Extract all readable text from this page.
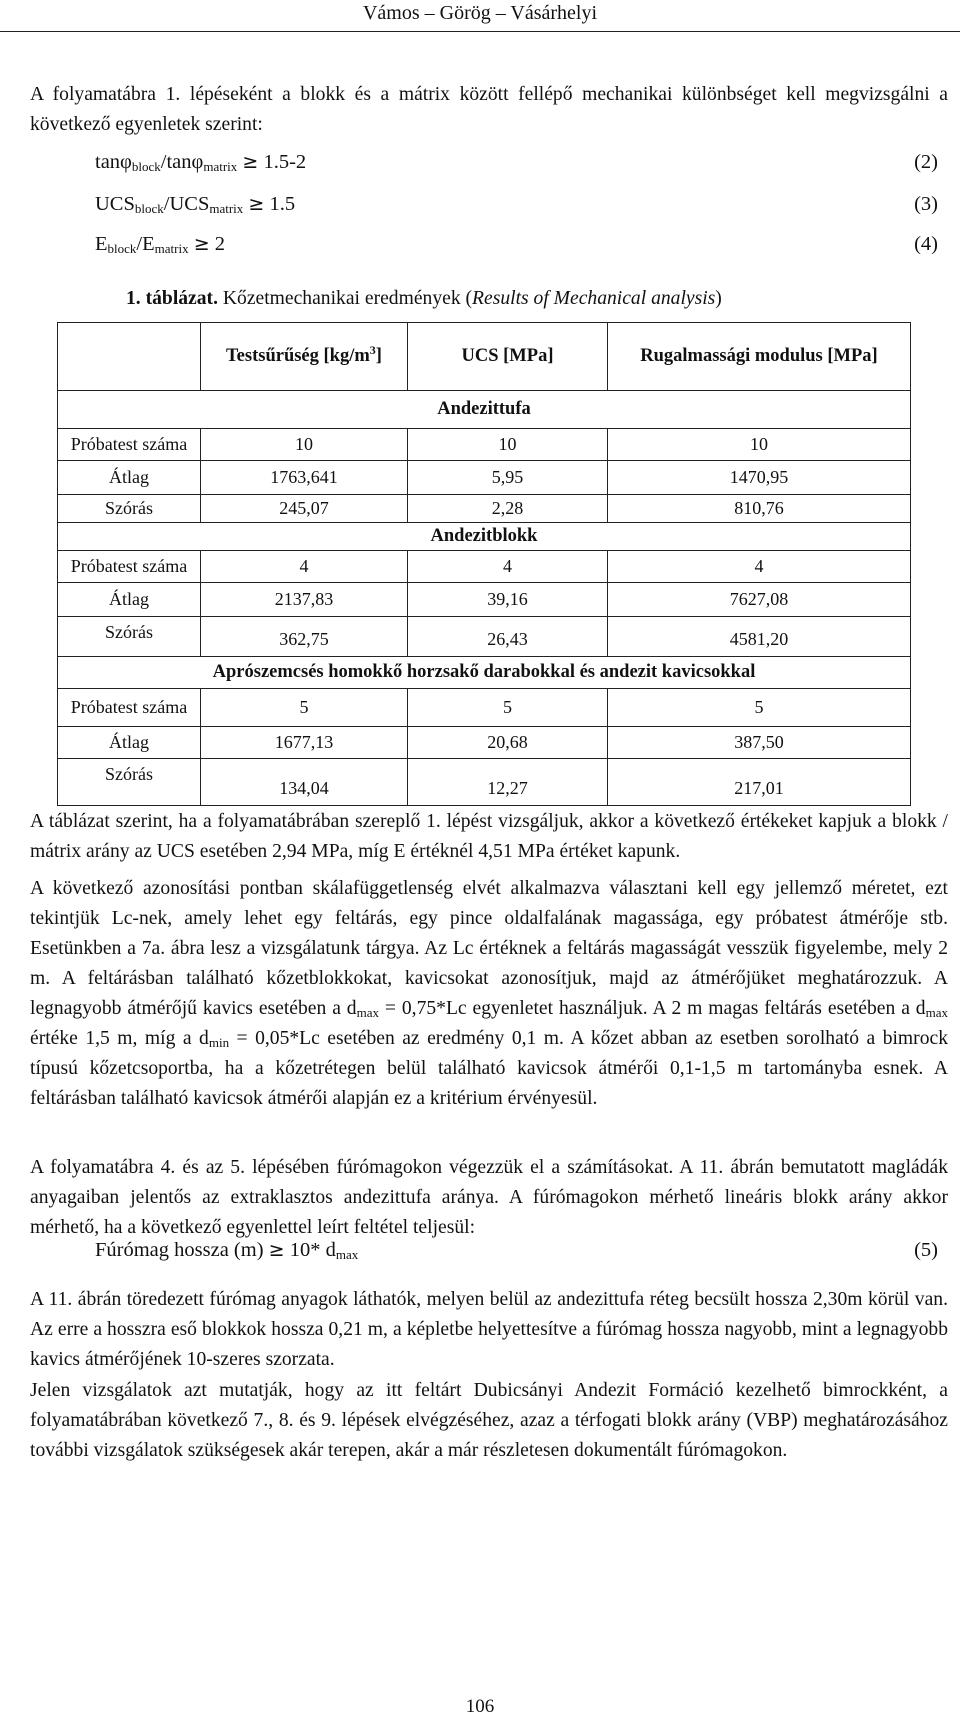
Vámos – Görög – Vásárhelyi

A folyamatábra 1. lépéseként a blokk és a mátrix között fellépő mechanikai különbséget kell megvizsgálni a következő egyenletek szerint:

tanφ$_{block}$/tanφ$_{matrix}$ ≥ 1.5-2	(2)
$UCS_{block}/UCS_{matrix} \ge 1.5$	(3)
$E_{block}/E_{matrix} \ge 2$	(4)
1. táblázat. Kőzetmechanikai eredmények (Results of Mechanical analysis)
	Testsűrűség $[kg/m^3]$	UCS [MPa]	Rugalmassági modulus [MPa]
Andezittufa			
Próbatest száma	10	10	10
Átlag	1763,641	5,95	1470,95
Szórás	245,07	2,28	810,76
Andezitblokk			
Próbatest száma	4	4	4
Átlag	2137,83	39,16	7627,08
Szórás	362,75	26,43	4581,20
Aprószemcsés homokkő horzsakő darabokkal és andezit kavicsokkal			
Próbatest száma	5	5	5
Átlag	1677,13	20,68	387,50
Szórás	134,04	12,27	217,01

A táblázat szerint, ha a folyamatábrában szereplő 1. lépést vizsgáljuk, akkor a következő értékeket kapjuk a blokk / mátrix arány az UCS esetében 2,94 MPa, míg E értéknél 4,51 MPa értéket kapunk.

A következő azonosítási pontban skálafüggetlenség elvét alkalmazva választani kell egy jellemző méretet, ezt tekintjük Lc-nek, amely lehet egy feltárás, egy pince oldalfalának magassága, egy próbatest átmérője stb. Esetünkben a 7a. ábra lesz a vizsgálatunk tárgya. Az Lc értéknek a feltárás magasságát vesszük figyelembe, mely 2 m. A feltárásban található kőzetblokkokat, kavicsokat azonosítjuk, majd az átmérőjüket meghatározzuk. A legnagyobb átmérőjű kavics esetében a $d_{max} = 0,75*Lc$ egyenletet használjuk. A 2 m magas feltárás esetében a $d_{max}$ értéke 1,5 m, míg a $d_{min} = 0,05*Lc$ esetében az eredmény 0,1 m. A kőzet abban az esetben sorolható a bimrock típusú kőzetcsoportba, ha a kőzetrétegen belül található kavicsok átmérői 0,1-1,5 m tartományba esnek. A feltárásban található kavicsok átmérői alapján ez a kritérium érvényesül.

A folyamatábra 4. és az 5. lépésében fúrómagokon végezzük el a számításokat. A 11. ábrán bemutatott magládák anyagaiban jelentős az extraklasztos andezittufa aránya. A fúrómagokon mérhető lineáris blokk arány akkor mérhető, ha a következő egyenlettel leírt feltétel teljesül:

Fúrómag hossza (m) ≥ 10* $d_{max}$	(5)

A 11. ábrán töredezett fúrómag anyagok láthatók, melyen belül az andezittufa réteg becsült hossza 2,30m körül van. Az erre a hosszra eső blokkok hossza 0,21 m, a képletbe helyettesítve a fúrómag hossza nagyobb, mint a legnagyobb kavics átmérőjének 10-szeres szorzata.

Jelen vizsgálatok azt mutatják, hogy az itt feltárt Dubicsányi Andezit Formáció kezelhető bimrockként, a folyamatábrában következő 7., 8. és 9. lépések elvégzéséhez, azaz a térfogati blokk arány (VBP) meghatározásához további vizsgálatok szükségesek akár terepen, akár a már részletesen dokumentált fúrómagokon.

106
